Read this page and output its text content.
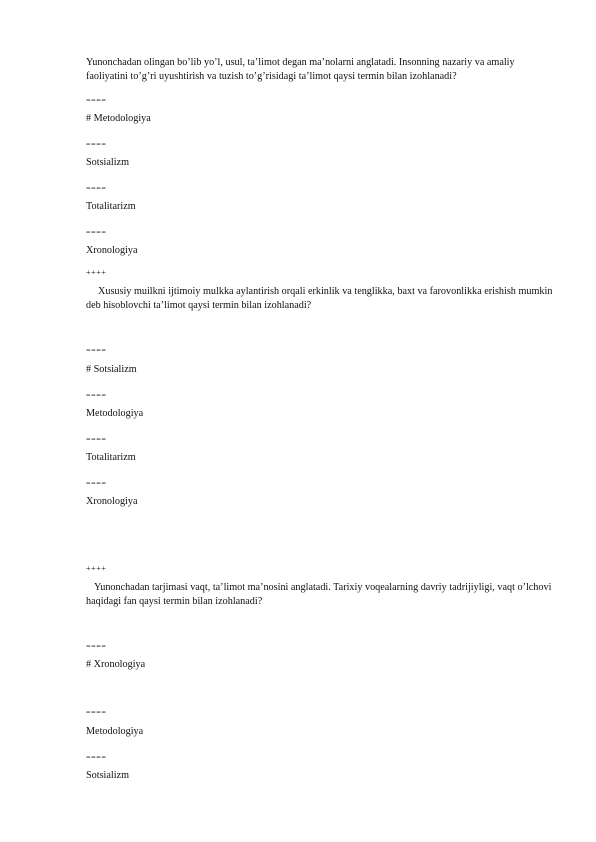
Yunonchadan olingan bo’lib yo’l, usul, ta’limot degan ma’nolarni anglatadi. Insonning nazariy va amaliy faoliyatini to’g’ri uyushtirish va tuzish to’g’risidagi ta’limot qaysi termin bilan izohlanadi?
====
# Metodologiya
====
Sotsializm
====
Totalitarizm
====
Xronologiya
++++
Xususiy muilkni ijtimoiy mulkka aylantirish orqali erkinlik va tenglikka, baxt va farovonlikka erishish mumkin deb hisoblovchi ta’limot qaysi termin bilan izohlanadi?
====
# Sotsializm
====
Metodologiya
====
Totalitarizm
====
Xronologiya
++++
Yunonchadan tarjimasi vaqt, ta’limot ma’nosini anglatadi. Tarixiy voqealarning davriy tadrijiyligi, vaqt o’lchovi haqidagi fan qaysi termin bilan izohlanadi?
====
# Xronologiya
====
Metodologiya
====
Sotsializm
